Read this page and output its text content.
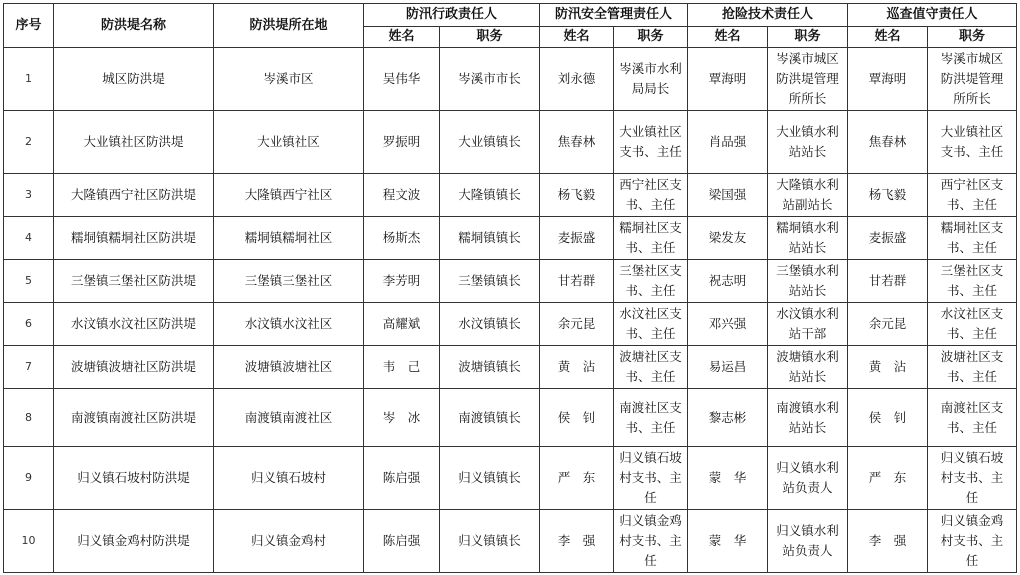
序号	防洪堤名称	防洪堤所在地	防汛行政责任人		防汛安全管理责任人		抢险技术责任人		巡查值守责任人	
			姓名	职务	姓名	职务	姓名	职务	姓名	职务
1	城区防洪堤	岑溪市区	吴伟华	岑溪市市长	刘永德	岑溪市水利局局长	覃海明	岑溪市城区防洪堤管理所所长	覃海明	岑溪市城区防洪堤管理所所长

2	大业镇社区防洪堤	大业镇社区	罗振明	大业镇镇长	焦春林	大业镇社区支书、主任	肖品强	大业镇水利站站长	焦春林	大业镇社区支书、主任

3	大隆镇西宁社区防洪堤	大隆镇西宁社区	程文波	大隆镇镇长	杨飞毅	西宁社区支书、主任	梁国强	大隆镇水利站副站长	杨飞毅	西宁社区支书、主任

4	糯垌镇糯垌社区防洪堤	糯垌镇糯垌社区	杨斯杰	糯垌镇镇长	麦振盛	糯垌社区支书、主任	梁发友	糯垌镇水利站站长	麦振盛	糯垌社区支书、主任

5	三堡镇三堡社区防洪堤	三堡镇三堡社区	李芳明	三堡镇镇长	甘若群	三堡社区支书、主任	祝志明	三堡镇水利站站长	甘若群	三堡社区支书、主任

6	水汶镇水汶社区防洪堤	水汶镇水汶社区	高耀斌	水汶镇镇长	余元昆	水汶社区支书、主任	邓兴强	水汶镇水利站干部	余元昆	水汶社区支书、主任

7	波塘镇波塘社区防洪堤	波塘镇波塘社区	韦　己	波塘镇镇长	黄　沾	波塘社区支书、主任	易运昌	波塘镇水利站站长	黄　沾	波塘社区支书、主任

8	南渡镇南渡社区防洪堤	南渡镇南渡社区	岑　冰	南渡镇镇长	侯　钊	南渡社区支书、主任	黎志彬	南渡镇水利站站长	侯　钊	南渡社区支书、主任

9	归义镇石坡村防洪堤	归义镇石坡村	陈启强	归义镇镇长	严　东	归义镇石坡村支书、主任	蒙　华	归义镇水利站负责人	严　东	归义镇石坡村支书、主任

10	归义镇金鸡村防洪堤	归义镇金鸡村	陈启强	归义镇镇长	李　强	归义镇金鸡村支书、主任	蒙　华	归义镇水利站负责人	李　强	归义镇金鸡村支书、主任
